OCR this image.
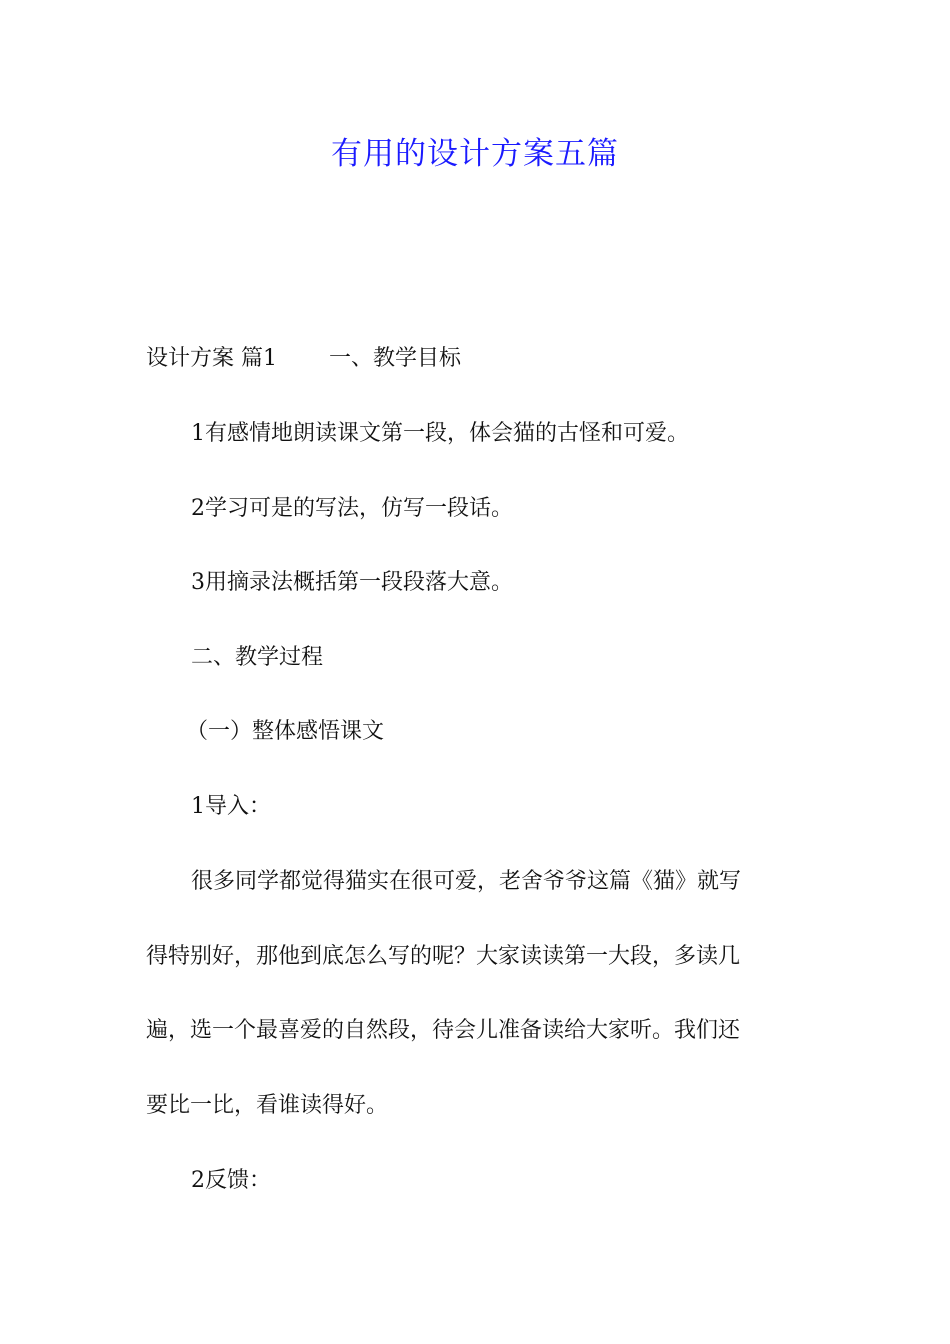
有用的设计方案五篇
设计方案 篇1 一、教学目标
1有感情地朗读课文第一段，体会猫的古怪和可爱。
2学习可是的写法，仿写一段话。
3用摘录法概括第一段段落大意。
二、教学过程
（一）整体感悟课文
1导入：
很多同学都觉得猫实在很可爱，老舍爷爷这篇《猫》就写
得特别好，那他到底怎么写的呢？大家读读第一大段，多读几
遍，选一个最喜爱的自然段，待会儿准备读给大家听。我们还
要比一比，看谁读得好。
2反馈：
